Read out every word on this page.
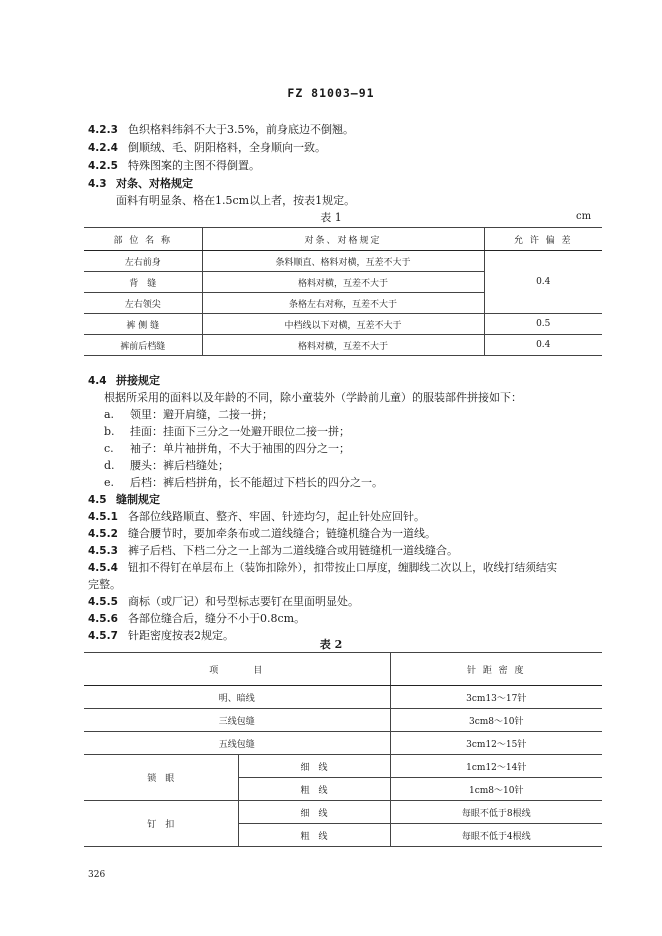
FZ 81003—91
4.2.3 色织格料纬斜不大于3.5%，前身底边不倒翘。
4.2.4 倒顺绒、毛、阴阳格料，全身顺向一致。
4.2.5 特殊图案的主图不得倒置。
4.3 对条、对格规定
面料有明显条、格在1.5cm以上者，按表1规定。
表 1	cm
部 位 名 称	对条、对格规定	允 许 偏 差
左右前身	条料顺直、格料对横，互差不大于	0.4
背　缝	格料对横，互差不大于	
左右领尖	条格左右对称，互差不大于	
裤 侧 缝	中档线以下对横，互差不大于	0.5
裤前后档缝	格料对横，互差不大于	0.4
4.4 拼接规定
根据所采用的面料以及年龄的不同，除小童装外（学龄前儿童）的服装部件拼接如下：
a. 领里：避开肩缝，二接一拼；
b. 挂面：挂面下三分之一处避开眼位二接一拼；
c. 袖子：单片袖拼角，不大于袖围的四分之一；
d. 腰头：裤后档缝处；
e. 后档：裤后档拼角，长不能超过下档长的四分之一。
4.5 缝制规定
4.5.1 各部位线路顺直、整齐、牢固、针迹均匀，起止针处应回针。
4.5.2 缝合腰节时，要加牵条布或二道线缝合；链缝机缝合为一道线。
4.5.3 裤子后档、下档二分之一上部为二道线缝合或用链缝机一道线缝合。
4.5.4 钮扣不得钉在单层布上（装饰扣除外），扣带按止口厚度，缠脚线二次以上，收线打结须结实
完整。
4.5.5 商标（或厂记）和号型标志要钉在里面明显处。
4.5.6 各部位缝合后，缝分不小于0.8cm。
4.5.7 针距密度按表2规定。
表 2
项　　　目		针 距 密 度
明、暗线		3cm13～17针
三线包缝		3cm8～10针
五线包缝		3cm12～15针
锁　眼	细　线	1cm12～14针
	粗　线	1cm8～10针
钉　扣	细　线	每眼不低于8根线
	粗　线	每眼不低于4根线
326
